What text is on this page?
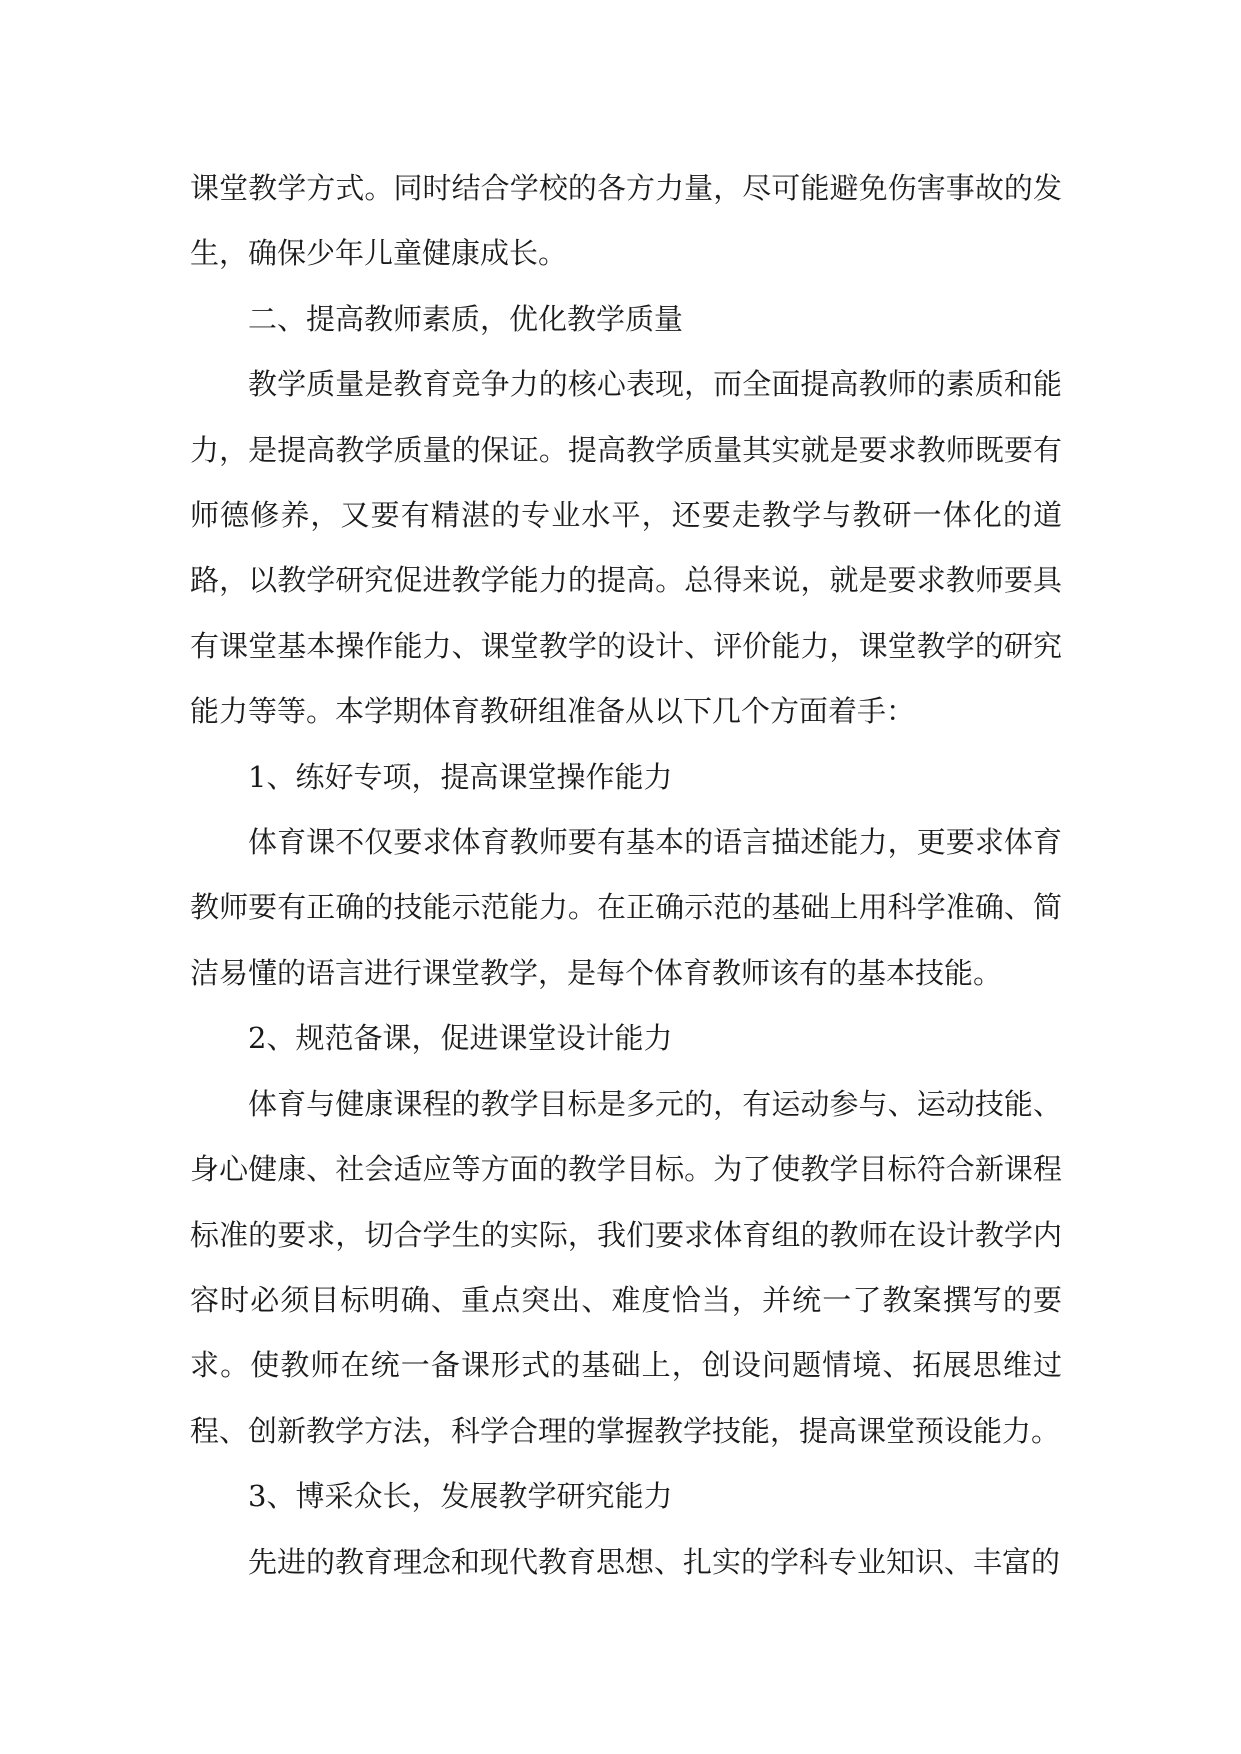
课堂教学方式。同时结合学校的各方力量，尽可能避免伤害事故的发生，确保少年儿童健康成长。

二、提高教师素质，优化教学质量

教学质量是教育竞争力的核心表现，而全面提高教师的素质和能力，是提高教学质量的保证。提高教学质量其实就是要求教师既要有师德修养，又要有精湛的专业水平，还要走教学与教研一体化的道路，以教学研究促进教学能力的提高。总得来说，就是要求教师要具有课堂基本操作能力、课堂教学的设计、评价能力，课堂教学的研究能力等等。本学期体育教研组准备从以下几个方面着手：

1、练好专项，提高课堂操作能力

体育课不仅要求体育教师要有基本的语言描述能力，更要求体育教师要有正确的技能示范能力。在正确示范的基础上用科学准确、简洁易懂的语言进行课堂教学，是每个体育教师该有的基本技能。

2、规范备课，促进课堂设计能力

体育与健康课程的教学目标是多元的，有运动参与、运动技能、身心健康、社会适应等方面的教学目标。为了使教学目标符合新课程标准的要求，切合学生的实际，我们要求体育组的教师在设计教学内容时必须目标明确、重点突出、难度恰当，并统一了教案撰写的要求。使教师在统一备课形式的基础上，创设问题情境、拓展思维过程、创新教学方法，科学合理的掌握教学技能，提高课堂预设能力。

3、博采众长，发展教学研究能力

先进的教育理念和现代教育思想、扎实的学科专业知识、丰富的
